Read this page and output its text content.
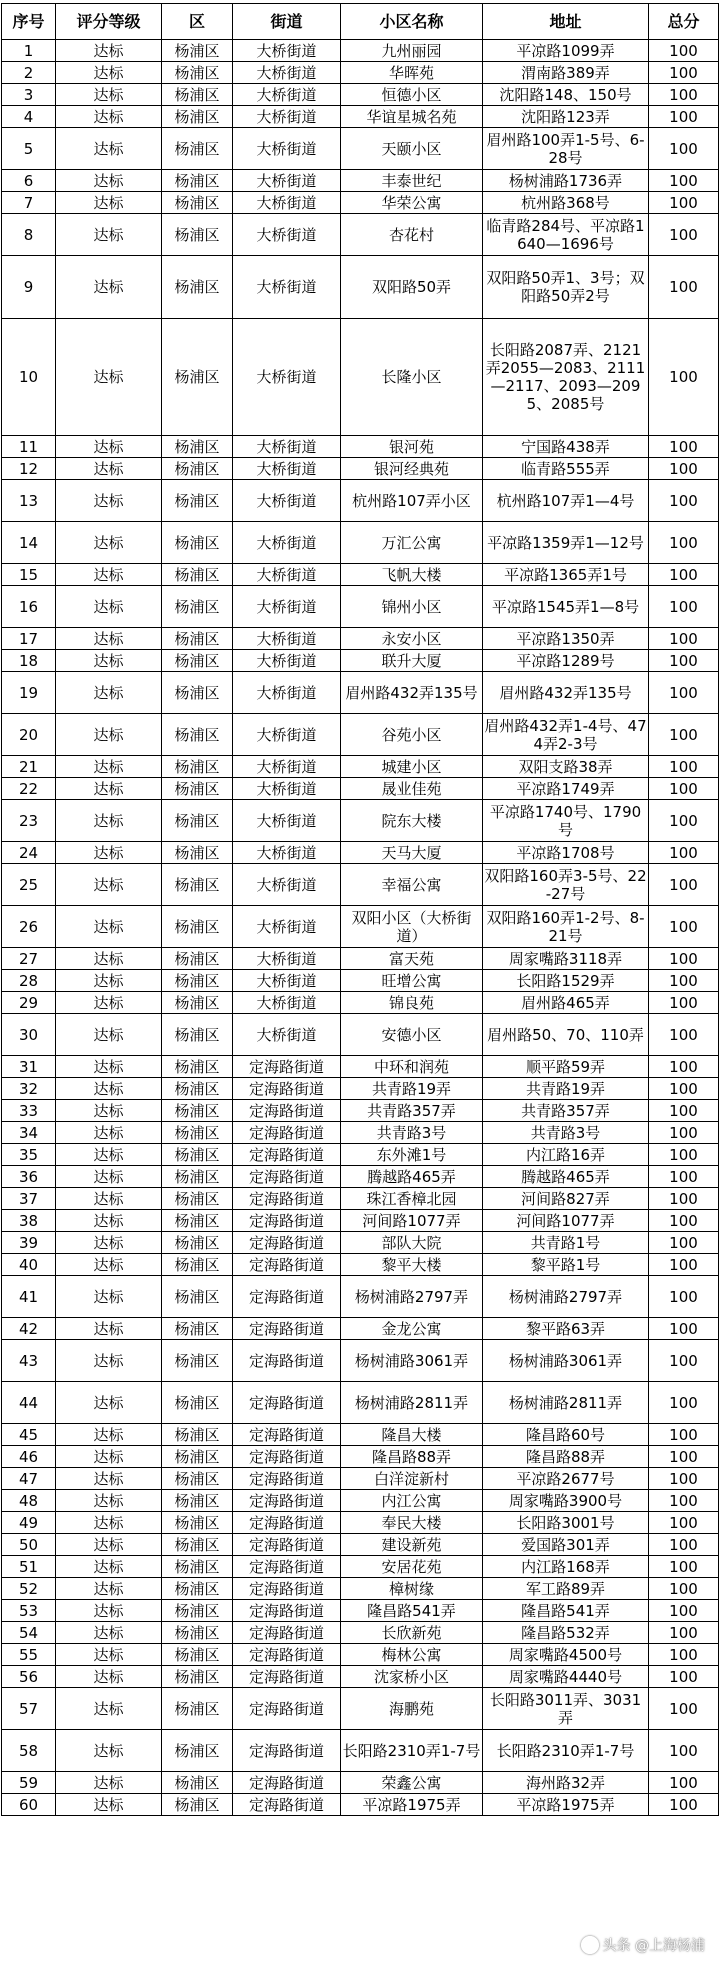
序号	评分等级	区	街道	小区名称	地址	总分
1	达标	杨浦区	大桥街道	九州丽园	平凉路1099弄	100
2	达标	杨浦区	大桥街道	华晖苑	渭南路389弄	100
3	达标	杨浦区	大桥街道	恒德小区	沈阳路148、150号	100
4	达标	杨浦区	大桥街道	华谊星城名苑	沈阳路123弄	100
5	达标	杨浦区	大桥街道	天颐小区	眉州路100弄1-5号、6-28号	100
6	达标	杨浦区	大桥街道	丰泰世纪	杨树浦路1736弄	100
7	达标	杨浦区	大桥街道	华荣公寓	杭州路368号	100
8	达标	杨浦区	大桥街道	杏花村	临青路284号、平凉路1640—1696号	100
9	达标	杨浦区	大桥街道	双阳路50弄	双阳路50弄1、3号；双阳路50弄2号	100
10	达标	杨浦区	大桥街道	长隆小区	长阳路2087弄、2121弄2055—2083、2111—2117、2093—2095、2085号	100
11	达标	杨浦区	大桥街道	银河苑	宁国路438弄	100
12	达标	杨浦区	大桥街道	银河经典苑	临青路555弄	100
13	达标	杨浦区	大桥街道	杭州路107弄小区	杭州路107弄1—4号	100
14	达标	杨浦区	大桥街道	万汇公寓	平凉路1359弄1—12号	100
15	达标	杨浦区	大桥街道	飞帆大楼	平凉路1365弄1号	100
16	达标	杨浦区	大桥街道	锦州小区	平凉路1545弄1—8号	100
17	达标	杨浦区	大桥街道	永安小区	平凉路1350弄	100
18	达标	杨浦区	大桥街道	联升大厦	平凉路1289号	100
19	达标	杨浦区	大桥街道	眉州路432弄135号	眉州路432弄135号	100
20	达标	杨浦区	大桥街道	谷苑小区	眉州路432弄1-4号、474弄2-3号	100
21	达标	杨浦区	大桥街道	城建小区	双阳支路38弄	100
22	达标	杨浦区	大桥街道	晟业佳苑	平凉路1749弄	100
23	达标	杨浦区	大桥街道	院东大楼	平凉路1740号、1790号	100
24	达标	杨浦区	大桥街道	天马大厦	平凉路1708号	100
25	达标	杨浦区	大桥街道	幸福公寓	双阳路160弄3-5号、22-27号	100
26	达标	杨浦区	大桥街道	双阳小区（大桥街道）	双阳路160弄1-2号、8-21号	100
27	达标	杨浦区	大桥街道	富天苑	周家嘴路3118弄	100
28	达标	杨浦区	大桥街道	旺增公寓	长阳路1529弄	100
29	达标	杨浦区	大桥街道	锦良苑	眉州路465弄	100
30	达标	杨浦区	大桥街道	安德小区	眉州路50、70、110弄	100
31	达标	杨浦区	定海路街道	中环和润苑	顺平路59弄	100
32	达标	杨浦区	定海路街道	共青路19弄	共青路19弄	100
33	达标	杨浦区	定海路街道	共青路357弄	共青路357弄	100
34	达标	杨浦区	定海路街道	共青路3号	共青路3号	100
35	达标	杨浦区	定海路街道	东外滩1号	内江路16弄	100
36	达标	杨浦区	定海路街道	腾越路465弄	腾越路465弄	100
37	达标	杨浦区	定海路街道	珠江香樟北园	河间路827弄	100
38	达标	杨浦区	定海路街道	河间路1077弄	河间路1077弄	100
39	达标	杨浦区	定海路街道	部队大院	共青路1号	100
40	达标	杨浦区	定海路街道	黎平大楼	黎平路1号	100
41	达标	杨浦区	定海路街道	杨树浦路2797弄	杨树浦路2797弄	100
42	达标	杨浦区	定海路街道	金龙公寓	黎平路63弄	100
43	达标	杨浦区	定海路街道	杨树浦路3061弄	杨树浦路3061弄	100
44	达标	杨浦区	定海路街道	杨树浦路2811弄	杨树浦路2811弄	100
45	达标	杨浦区	定海路街道	隆昌大楼	隆昌路60号	100
46	达标	杨浦区	定海路街道	隆昌路88弄	隆昌路88弄	100
47	达标	杨浦区	定海路街道	白洋淀新村	平凉路2677号	100
48	达标	杨浦区	定海路街道	内江公寓	周家嘴路3900号	100
49	达标	杨浦区	定海路街道	奉民大楼	长阳路3001号	100
50	达标	杨浦区	定海路街道	建设新苑	爱国路301弄	100
51	达标	杨浦区	定海路街道	安居花苑	内江路168弄	100
52	达标	杨浦区	定海路街道	樟树缘	军工路89弄	100
53	达标	杨浦区	定海路街道	隆昌路541弄	隆昌路541弄	100
54	达标	杨浦区	定海路街道	长欣新苑	隆昌路532弄	100
55	达标	杨浦区	定海路街道	梅林公寓	周家嘴路4500号	100
56	达标	杨浦区	定海路街道	沈家桥小区	周家嘴路4440号	100
57	达标	杨浦区	定海路街道	海鹏苑	长阳路3011弄、3031弄	100
58	达标	杨浦区	定海路街道	长阳路2310弄1-7号	长阳路2310弄1-7号	100
59	达标	杨浦区	定海路街道	荣鑫公寓	海州路32弄	100
60	达标	杨浦区	定海路街道	平凉路1975弄	平凉路1975弄	100
头条 @上海杨浦
